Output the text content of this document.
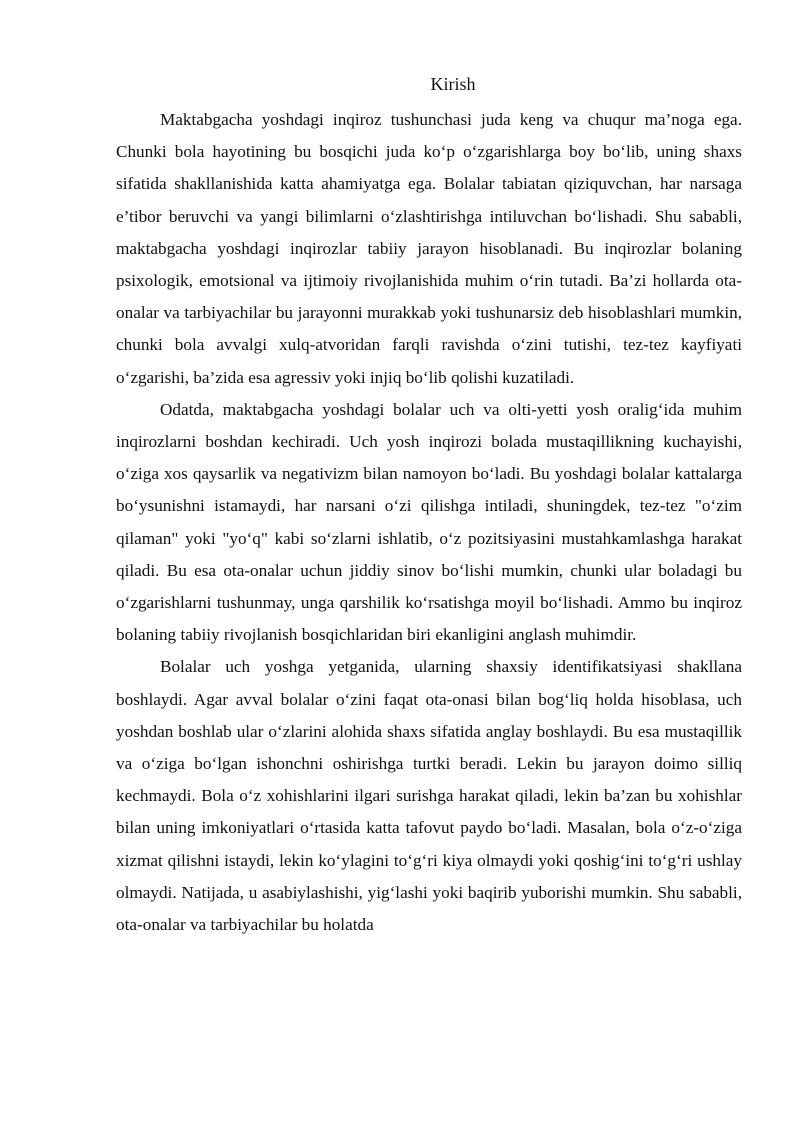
Kirish

Maktabgacha yoshdagi inqiroz tushunchasi juda keng va chuqur ma’noga ega. Chunki bola hayotining bu bosqichi juda ko‘p o‘zgarishlarga boy bo‘lib, uning shaxs sifatida shakllanishida katta ahamiyatga ega. Bolalar tabiatan qiziquvchan, har narsaga e’tibor beruvchi va yangi bilimlarni o‘zlashtirishga intiluvchan bo‘lishadi. Shu sababli, maktabgacha yoshdagi inqirozlar tabiiy jarayon hisoblanadi. Bu inqirozlar bolaning psixologik, emotsional va ijtimoiy rivojlanishida muhim o‘rin tutadi. Ba’zi hollarda ota-onalar va tarbiyachilar bu jarayonni murakkab yoki tushunarsiz deb hisoblashlari mumkin, chunki bola avvalgi xulq-atvoridan farqli ravishda o‘zini tutishi, tez-tez kayfiyati o‘zgarishi, ba’zida esa agressiv yoki injiq bo‘lib qolishi kuzatiladi.

Odatda, maktabgacha yoshdagi bolalar uch va olti-yetti yosh oralig‘ida muhim inqirozlarni boshdan kechiradi. Uch yosh inqirozi bolada mustaqillikning kuchayishi, o‘ziga xos qaysarlik va negativizm bilan namoyon bo‘ladi. Bu yoshdagi bolalar kattalarga bo‘ysunishni istamaydi, har narsani o‘zi qilishga intiladi, shuningdek, tez-tez "o‘zim qilaman" yoki "yo‘q" kabi so‘zlarni ishlatib, o‘z pozitsiyasini mustahkamlashga harakat qiladi. Bu esa ota-onalar uchun jiddiy sinov bo‘lishi mumkin, chunki ular boladagi bu o‘zgarishlarni tushunmay, unga qarshilik ko‘rsatishga moyil bo‘lishadi. Ammo bu inqiroz bolaning tabiiy rivojlanish bosqichlaridan biri ekanligini anglash muhimdir.

Bolalar uch yoshga yetganida, ularning shaxsiy identifikatsiyasi shakllana boshlaydi. Agar avval bolalar o‘zini faqat ota-onasi bilan bog‘liq holda hisoblasa, uch yoshdan boshlab ular o‘zlarini alohida shaxs sifatida anglay boshlaydi. Bu esa mustaqillik va o‘ziga bo‘lgan ishonchni oshirishga turtki beradi. Lekin bu jarayon doimo silliq kechmaydi. Bola o‘z xohishlarini ilgari surishga harakat qiladi, lekin ba’zan bu xohishlar bilan uning imkoniyatlari o‘rtasida katta tafovut paydo bo‘ladi. Masalan, bola o‘z-o‘ziga xizmat qilishni istaydi, lekin ko‘ylagini to‘g‘ri kiya olmaydi yoki qoshig‘ini to‘g‘ri ushlay olmaydi. Natijada, u asabiylashishi, yig‘lashi yoki baqirib yuborishi mumkin. Shu sababli, ota-onalar va tarbiyachilar bu holatda
